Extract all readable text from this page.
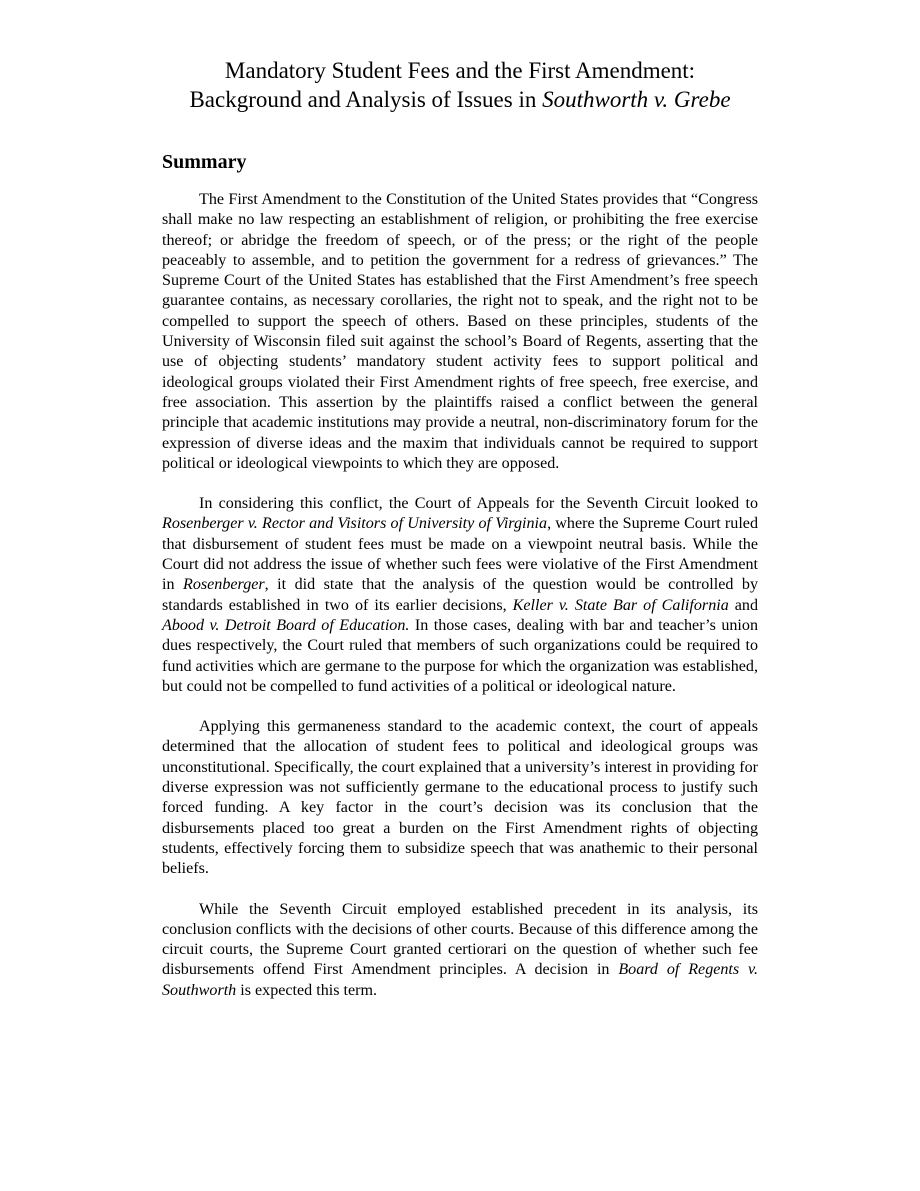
Mandatory Student Fees and the First Amendment:
Background and Analysis of Issues in Southworth v. Grebe
Summary

The First Amendment to the Constitution of the United States provides that “Congress shall make no law respecting an establishment of religion, or prohibiting the free exercise thereof; or abridge the freedom of speech, or of the press; or the right of the people peaceably to assemble, and to petition the government for a redress of grievances.” The Supreme Court of the United States has established that the First Amendment’s free speech guarantee contains, as necessary corollaries, the right not to speak, and the right not to be compelled to support the speech of others. Based on these principles, students of the University of Wisconsin filed suit against the school’s Board of Regents, asserting that the use of objecting students’ mandatory student activity fees to support political and ideological groups violated their First Amendment rights of free speech, free exercise, and free association. This assertion by the plaintiffs raised a conflict between the general principle that academic institutions may provide a neutral, non-discriminatory forum for the expression of diverse ideas and the maxim that individuals cannot be required to support political or ideological viewpoints to which they are opposed.

In considering this conflict, the Court of Appeals for the Seventh Circuit looked to Rosenberger v. Rector and Visitors of University of Virginia, where the Supreme Court ruled that disbursement of student fees must be made on a viewpoint neutral basis. While the Court did not address the issue of whether such fees were violative of the First Amendment in Rosenberger, it did state that the analysis of the question would be controlled by standards established in two of its earlier decisions, Keller v. State Bar of California and Abood v. Detroit Board of Education. In those cases, dealing with bar and teacher’s union dues respectively, the Court ruled that members of such organizations could be required to fund activities which are germane to the purpose for which the organization was established, but could not be compelled to fund activities of a political or ideological nature.

Applying this germaneness standard to the academic context, the court of appeals determined that the allocation of student fees to political and ideological groups was unconstitutional. Specifically, the court explained that a university’s interest in providing for diverse expression was not sufficiently germane to the educational process to justify such forced funding. A key factor in the court’s decision was its conclusion that the disbursements placed too great a burden on the First Amendment rights of objecting students, effectively forcing them to subsidize speech that was anathemic to their personal beliefs.

While the Seventh Circuit employed established precedent in its analysis, its conclusion conflicts with the decisions of other courts. Because of this difference among the circuit courts, the Supreme Court granted certiorari on the question of whether such fee disbursements offend First Amendment principles. A decision in Board of Regents v. Southworth is expected this term.
